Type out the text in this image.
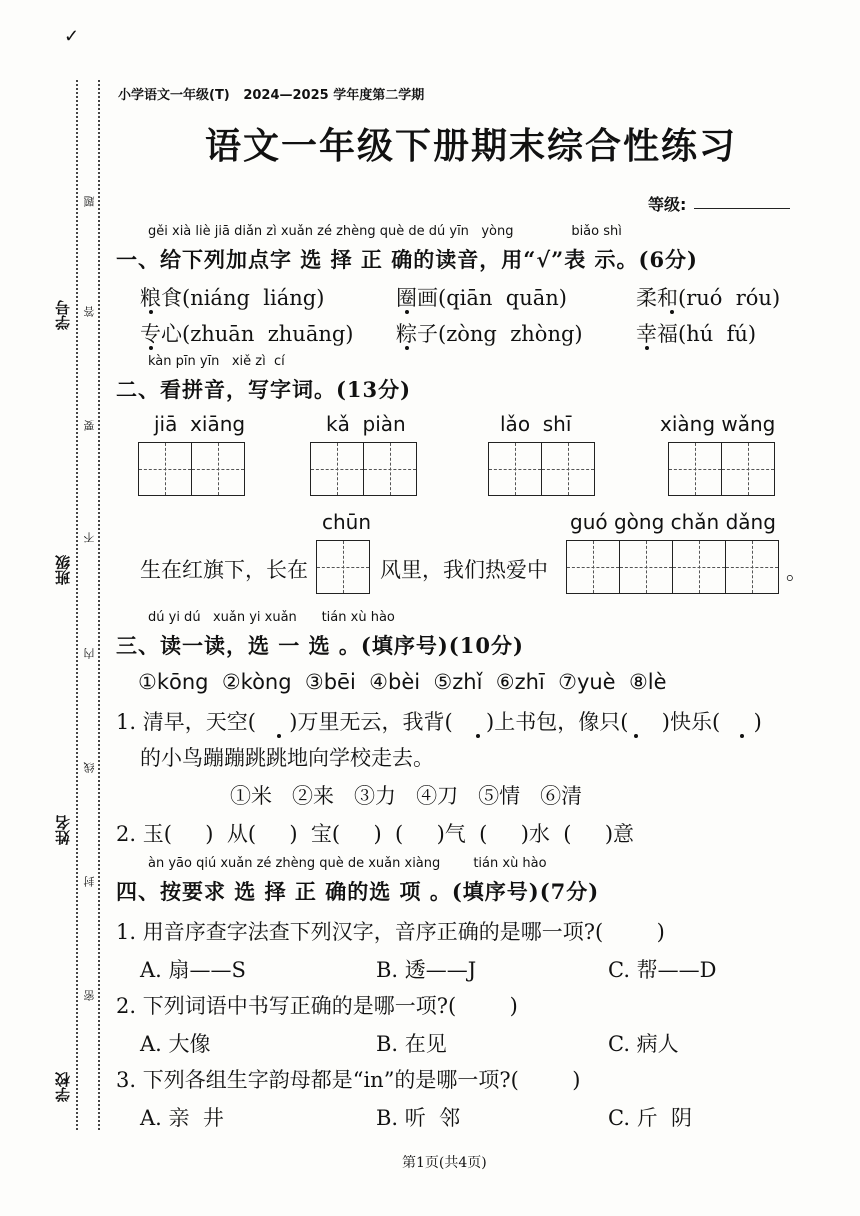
✓
学号
班级
姓名
学校
题
答
要
不
内
线
封
密
小学语文一年级(T)   2024—2025 学年度第二学期
语文一年级下册期末综合性练习
等级:
gěi xià liè jiā diǎn zì xuǎn zé zhèng què de dú yīn   yòng              biǎo shì
一、给下列加点字 选 择 正 确的读音，用“√”表 示。(6分)
粮食(niáng  liáng)	圈画(qiān  quān)	柔和(ruó  róu)
专心(zhuān  zhuāng) 粽子(zòng  zhòng)	幸福(hú  fú)
kàn pīn yīn   xiě zì  cí
二、看拼音，写字词。(13分)
jiā  xiāng	kǎ  piàn	lǎo  shī	xiàng wǎng
chūn	guó gòng chǎn dǎng
生在红旗下，长在	风里，我们热爱中	。
dú yi dú   xuǎn yi xuǎn      tián xù hào
三、读一读，选 一 选 。(填序号)(10分)
①kōng  ②kòng  ③bēi  ④bèi  ⑤zhǐ  ⑥zhī  ⑦yuè  ⑧lè
1. 清早，天空(     )万里无云，我背(     )上书包，像只(     )快乐(     )
的小鸟蹦蹦跳跳地向学校走去。
①米   ②来   ③力   ④刀   ⑤情   ⑥清
2. 玉(     )  从(     )  宝(     )  (     )气  (     )水  (     )意
àn yāo qiú xuǎn zé zhèng què de xuǎn xiàng        tián xù hào
四、按要求 选 择 正 确的选 项 。(填序号)(7分)
1. 用音序查字法查下列汉字，音序正确的是哪一项?(        )
A. 扇——S	B. 透——J	C. 帮——D
2. 下列词语中书写正确的是哪一项?(        )
A. 大像	B. 在见	C. 病人
3. 下列各组生字韵母都是“in”的是哪一项?(        )
A. 亲  井	B. 听  邻	C. 斤  阴
第1页(共4页)
